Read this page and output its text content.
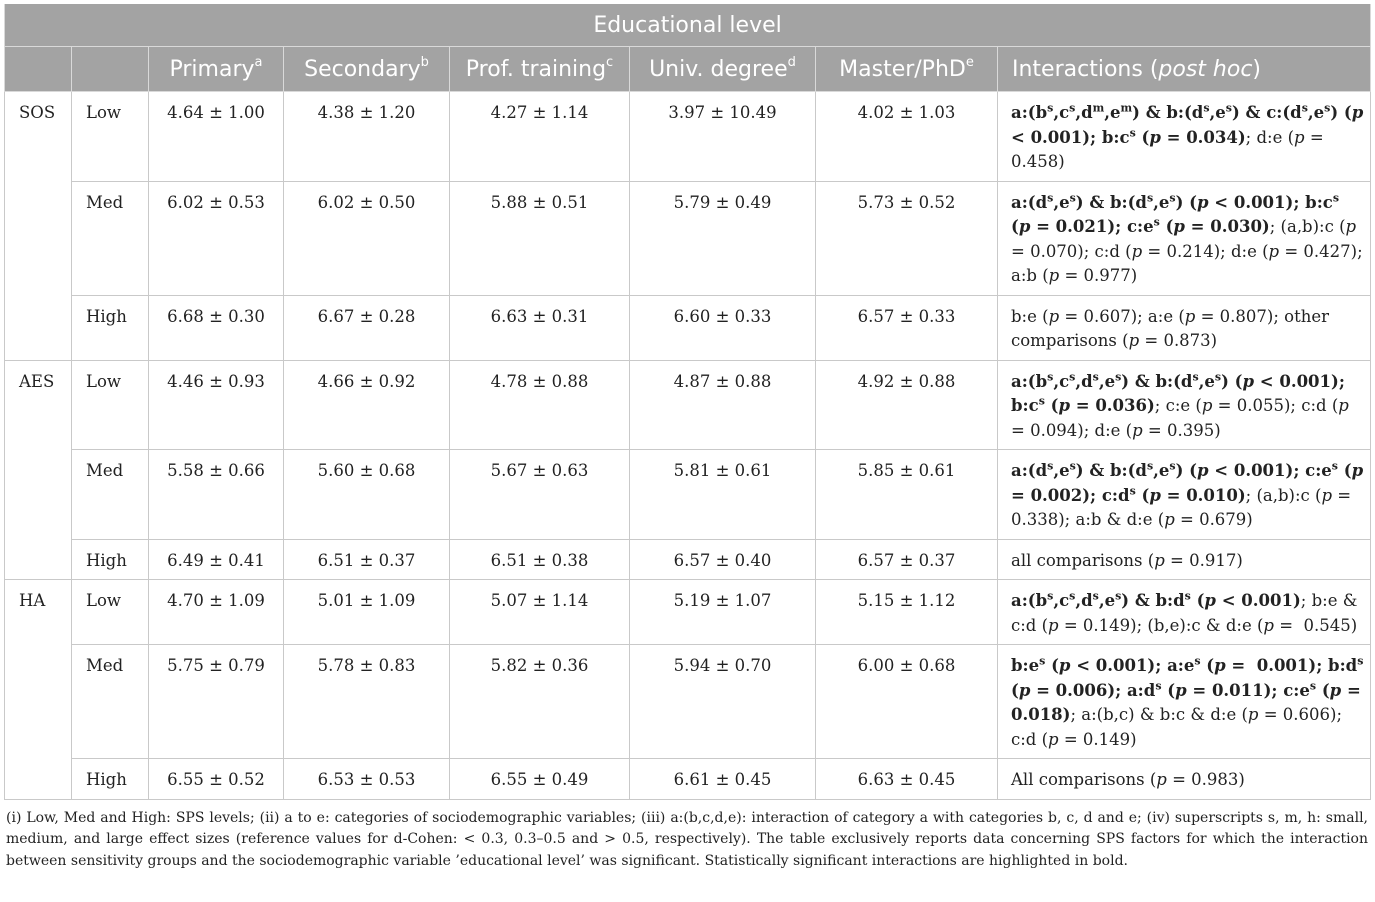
Educational level							
		Primary$^a$	Secondary$^b$	Prof. training$^c$	Univ. degree$^d$	Master/PhD$^e$	Interactions (post hoc)
SOS	Low	4.64 ± 1.00	4.38 ± 1.20	4.27 ± 1.14	3.97 ± 10.49	4.02 ± 1.03	$a:(b^s,c^s,d^m,e^m)$ & $b:(d^s,e^s)$ & $c:(d^s,e^s) (p < 0.001)$; $b:c^s$ (p = 0.034); d:e (p = 0.458)
	Med	6.02 ± 0.53	6.02 ± 0.50	5.88 ± 0.51	5.79 ± 0.49	5.73 ± 0.52	$a:(d^s,e^s)$ & $b:(d^s,e^s) (p < 0.001)$; $b:c^s$ (p = 0.021); $c:e^s$ (p = 0.030); (a,b):c (p = 0.070); c:d (p = 0.214); d:e (p = 0.427); a:b (p = 0.977)
	High	6.68 ± 0.30	6.67 ± 0.28	6.63 ± 0.31	6.60 ± 0.33	6.57 ± 0.33	b:e (p = 0.607); a:e (p = 0.807); other comparisons (p = 0.873)
AES	Low	4.46 ± 0.93	4.66 ± 0.92	4.78 ± 0.88	4.87 ± 0.88	4.92 ± 0.88	$a:(b^s,c^s,d^s,e^s)$ & $b:(d^s,e^s) (p < 0.001)$; $b:c^s$ (p = 0.036); c:e (p = 0.055); c:d (p = 0.094); d:e (p = 0.395)
	Med	5.58 ± 0.66	5.60 ± 0.68	5.67 ± 0.63	5.81 ± 0.61	5.85 ± 0.61	$a:(d^s,e^s)$ & $b:(d^s,e^s) (p < 0.001)$; $c:e^s$ (p = 0.002); $c:d^s$ (p = 0.010); (a,b):c (p = 0.338); a:b & d:e (p = 0.679)
	High	6.49 ± 0.41	6.51 ± 0.37	6.51 ± 0.38	6.57 ± 0.40	6.57 ± 0.37	all comparisons (p = 0.917)
HA	Low	4.70 ± 1.09	5.01 ± 1.09	5.07 ± 1.14	5.19 ± 1.07	5.15 ± 1.12	$a:(b^s,c^s,d^s,e^s)$ & $b:d^s$ (p < 0.001); b:e & c:d (p = 0.149); (b,e):c & d:e (p =  0.545)
	Med	5.75 ± 0.79	5.78 ± 0.83	5.82 ± 0.36	5.94 ± 0.70	6.00 ± 0.68	$b:e^s$ (p < 0.001); $a:e^s$ (p =  0.001); $b:d^s$ (p = 0.006); $a:d^s$ (p = 0.011); $c:e^s$ (p = 0.018); a:(b,c) & b:c & d:e (p = 0.606); c:d (p = 0.149)
	High	6.55 ± 0.52	6.53 ± 0.53	6.55 ± 0.49	6.61 ± 0.45	6.63 ± 0.45	All comparisons (p = 0.983)
(i) Low, Med and High: SPS levels; (ii) a to e: categories of sociodemographic variables; (iii) a:(b,c,d,e): interaction of category a with categories b, c, d and e; (iv) superscripts s, m, h: small, medium, and large effect sizes (reference values for d-Cohen: < 0.3, 0.3–0.5 and > 0.5, respectively). The table exclusively reports data concerning SPS factors for which the interaction between sensitivity groups and the sociodemographic variable ’educational level’ was significant. Statistically significant interactions are highlighted in bold.
